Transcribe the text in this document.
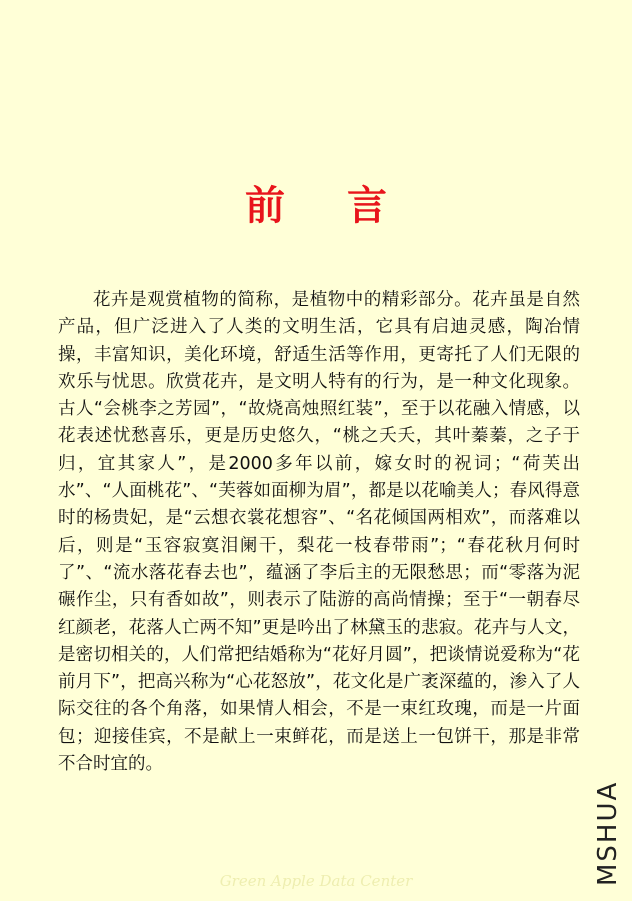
前言

花卉是观赏植物的简称，是植物中的精彩部分。花卉虽是自然产品，但广泛进入了人类的文明生活，它具有启迪灵感，陶冶情操，丰富知识，美化环境，舒适生活等作用，更寄托了人们无限的欢乐与忧思。欣赏花卉，是文明人特有的行为，是一种文化现象。古人“会桃李之芳园”，“故烧高烛照红装”，至于以花融入情感，以花表述忧愁喜乐，更是历史悠久，“桃之夭夭，其叶蓁蓁，之子于归，宜其家人”，是2000多年以前，嫁女时的祝词；“荷芙出水”、“人面桃花”、“芙蓉如面柳为眉”，都是以花喻美人；春风得意时的杨贵妃，是“云想衣裳花想容”、“名花倾国两相欢”，而落难以后，则是“玉容寂寞泪阑干，梨花一枝春带雨”；“春花秋月何时了”、“流水落花春去也”，蕴涵了李后主的无限愁思；而“零落为泥碾作尘，只有香如故”，则表示了陆游的高尚情操；至于“一朝春尽红颜老，花落人亡两不知”更是吟出了林黛玉的悲寂。花卉与人文，是密切相关的，人们常把结婚称为“花好月圆”，把谈情说爱称为“花前月下”，把高兴称为“心花怒放”，花文化是广袤深蕴的，渗入了人际交往的各个角落，如果情人相会，不是一束红玫瑰，而是一片面包；迎接佳宾，不是献上一束鲜花，而是送上一包饼干，那是非常不合时宜的。

Green Apple Data Center	MSHUA
